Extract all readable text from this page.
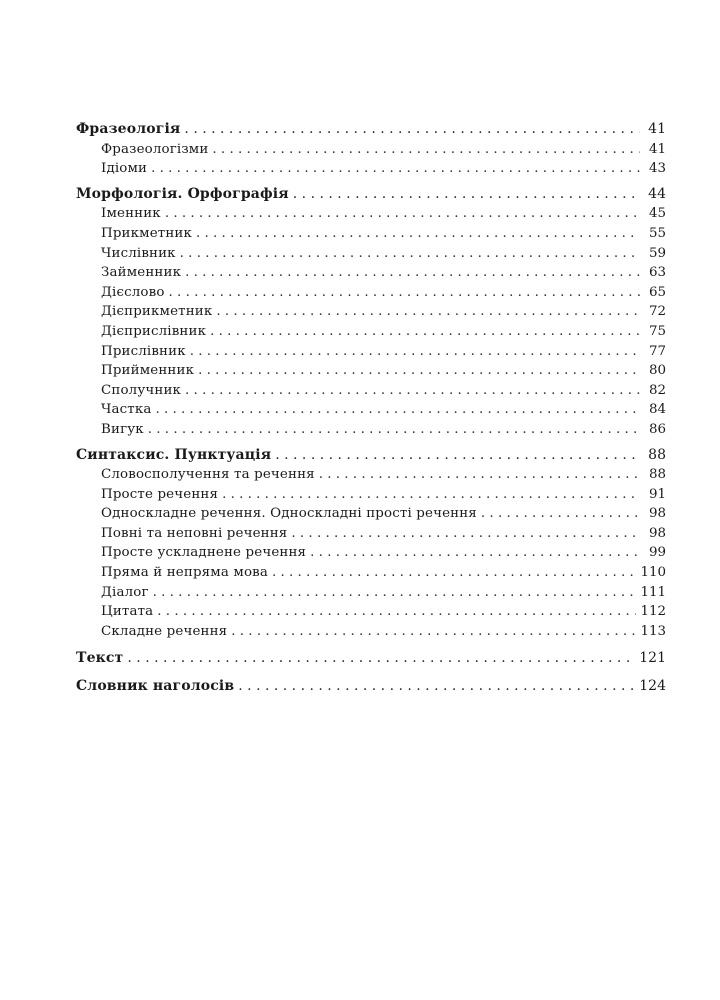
Фразеологія . . .	41
Фразеологізми . . .	41
Ідіоми . . .	43
Морфологія. Орфографія . . .	44
Іменник . . .	45
Прикметник . . .	55
Числівник . . .	59
Займенник . . .	63
Дієслово . . .	65
Дієприкметник . . .	72
Дієприслівник . . .	75
Прислівник . . .	77
Прийменник . . .	80
Сполучник . . .	82
Частка . . .	84
Вигук . . .	86
Синтаксис. Пунктуація . . .	88
Словосполучення та речення . . .	88
Просте речення . . .	91
Односкладне речення. Односкладні прості речення . . .	98
Повні та неповні речення . . .	98
Просте ускладнене речення . . .	99
Пряма й непряма мова . . .	110
Діалог . . .	111
Цитата . . .	112
Складне речення . . .	113
Текст . . .	121
Словник наголосів . . .	124
